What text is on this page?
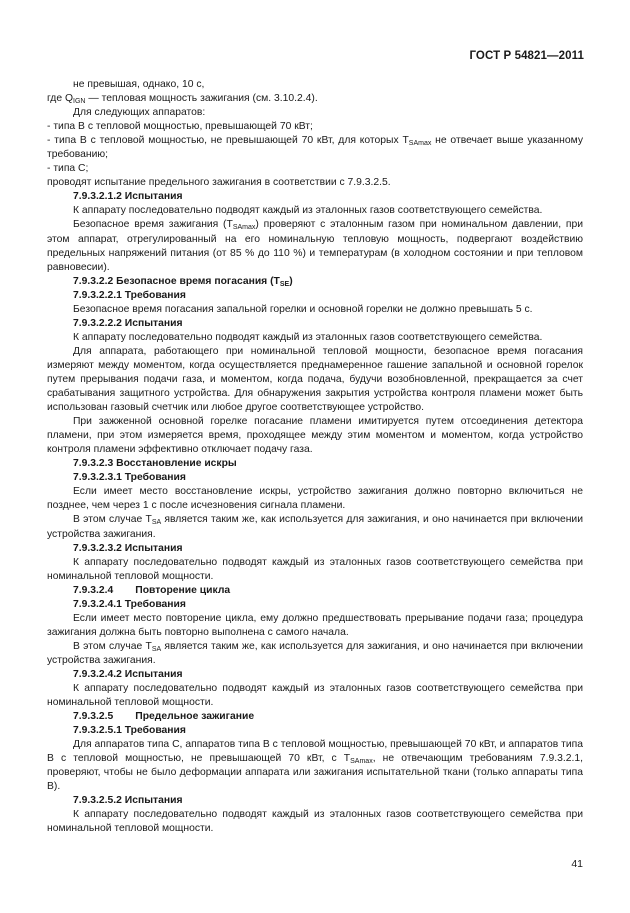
ГОСТ Р 54821—2011

не превышая, однако, 10 с,

где $Q_{IGN}$ — тепловая мощность зажигания (см. 3.10.2.4).

Для следующих аппаратов:

- типа В с тепловой мощностью, превышающей 70 кВт;

- типа В с тепловой мощностью, не превышающей 70 кВт, для которых $T_{SAmax}$ не отвечает выше указанному требованию;

- типа С;

проводят испытание предельного зажигания в соответствии с 7.9.3.2.5.

7.9.3.2.1.2 Испытания

К аппарату последовательно подводят каждый из эталонных газов соответствующего семейства.

Безопасное время зажигания $(T_{SAmax})$ проверяют с эталонным газом при номинальном давлении, при этом аппарат, отрегулированный на его номинальную тепловую мощность, подвергают воздействию предельных напряжений питания (от 85 % до 110 %) и температурам (в холодном состоянии и при тепловом равновесии).

7.9.3.2.2 Безопасное время погасания $(T_{SE})$
7.9.3.2.2.1 Требования

Безопасное время погасания запальной горелки и основной горелки не должно превышать 5 с.

7.9.3.2.2.2 Испытания

К аппарату последовательно подводят каждый из эталонных газов соответствующего семейства.

Для аппарата, работающего при номинальной тепловой мощности, безопасное время погасания измеряют между моментом, когда осуществляется преднамеренное гашение запальной и основной горелок путем прерывания подачи газа, и моментом, когда подача, будучи возобновленной, прекращается за счет срабатывания защитного устройства. Для обнаружения закрытия устройства контроля пламени может быть использован газовый счетчик или любое другое соответствующее устройство.

При зажженной основной горелке погасание пламени имитируется путем отсоединения детектора пламени, при этом измеряется время, проходящее между этим моментом и моментом, когда устройство контроля пламени эффективно отключает подачу газа.

7.9.3.2.3 Восстановление искры
7.9.3.2.3.1 Требования

Если имеет место восстановление искры, устройство зажигания должно повторно включиться не позднее, чем через 1 с после исчезновения сигнала пламени.

В этом случае $T_{SA}$ является таким же, как используется для зажигания, и оно начинается при включении устройства зажигания.

7.9.3.2.3.2 Испытания

К аппарату последовательно подводят каждый из эталонных газов соответствующего семейства при номинальной тепловой мощности.

7.9.3.2.4 Повторение цикла
7.9.3.2.4.1 Требования

Если имеет место повторение цикла, ему должно предшествовать прерывание подачи газа; процедура зажигания должна быть повторно выполнена с самого начала.

В этом случае $T_{SA}$ является таким же, как используется для зажигания, и оно начинается при включении устройства зажигания.

7.9.3.2.4.2 Испытания

К аппарату последовательно подводят каждый из эталонных газов соответствующего семейства при номинальной тепловой мощности.

7.9.3.2.5 Предельное зажигание
7.9.3.2.5.1 Требования

Для аппаратов типа С, аппаратов типа В с тепловой мощностью, превышающей 70 кВт, и аппаратов типа В с тепловой мощностью, не превышающей 70 кВт, с $T_{SAmax}$, не отвечающим требованиям 7.9.3.2.1, проверяют, чтобы не было деформации аппарата или зажигания испытательной ткани (только аппараты типа В).

7.9.3.2.5.2 Испытания

К аппарату последовательно подводят каждый из эталонных газов соответствующего семейства при номинальной тепловой мощности.

41
